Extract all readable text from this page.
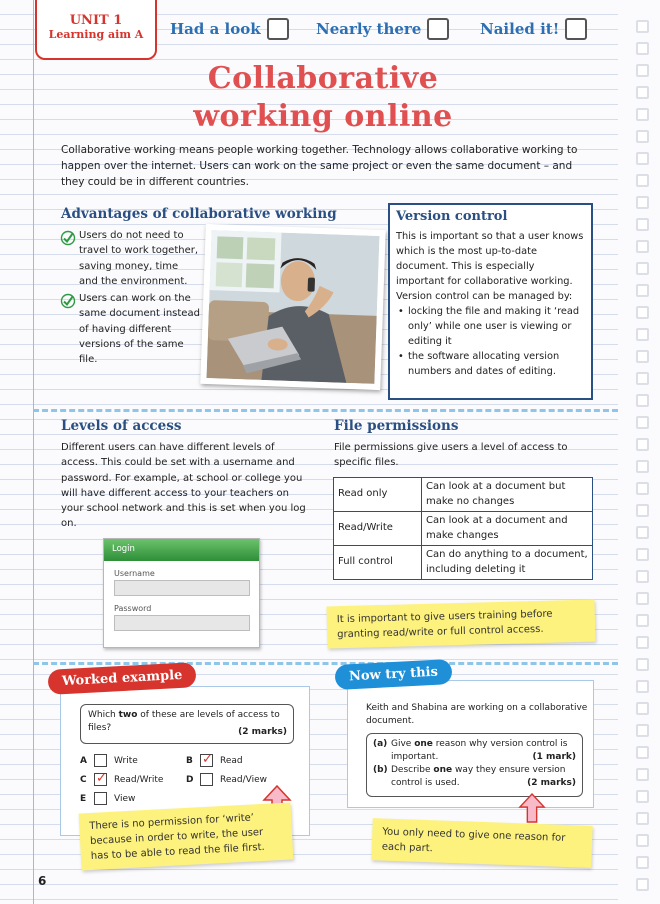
UNIT 1
Learning aim A	Had a look	Nearly there	Nailed it!
Collaborative
working online

Collaborative working means people working together. Technology allows collaborative working to happen over the internet. Users can work on the same project or even the same document – and they could be in different countries.

Advantages of collaborative working
Users do not need to travel to work together, saving money, time and the environment.
Users can work on the same document instead of having different versions of the same file.
Version control

This is important so that a user knows which is the most up-to-date document. This is especially important for collaborative working. Version control can be managed by:

• locking the file and making it ‘read only’ while one user is viewing or editing it
• the software allocating version numbers and dates of editing.
Levels of access

Different users can have different levels of access. This could be set with a username and password. For example, at school or college you will have different access to your teachers on your school network and this is set when you log on.

Login
Username
Password
File permissions

File permissions give users a level of access to specific files.

Read only	Can look at a document but make no changes
Read/Write	Can look at a document and make changes
Full control	Can do anything to a document, including deleting it
It is important to give users training before granting read/write or full control access.
Worked example
Which two of these are levels of access to files?	(2 marks)
A	Write	B ✓	Read
C ✓	Read/Write	D	Read/View
E	View
There is no permission for ‘write’ because in order to write, the user has to be able to read the file first.
Now try this

Keith and Shabina are working on a collaborative document.

(a) Give one reason why version control is important.	(1 mark)
(b) Describe one way they ensure version control is used.	(2 marks)
You only need to give one reason for each part.
6
